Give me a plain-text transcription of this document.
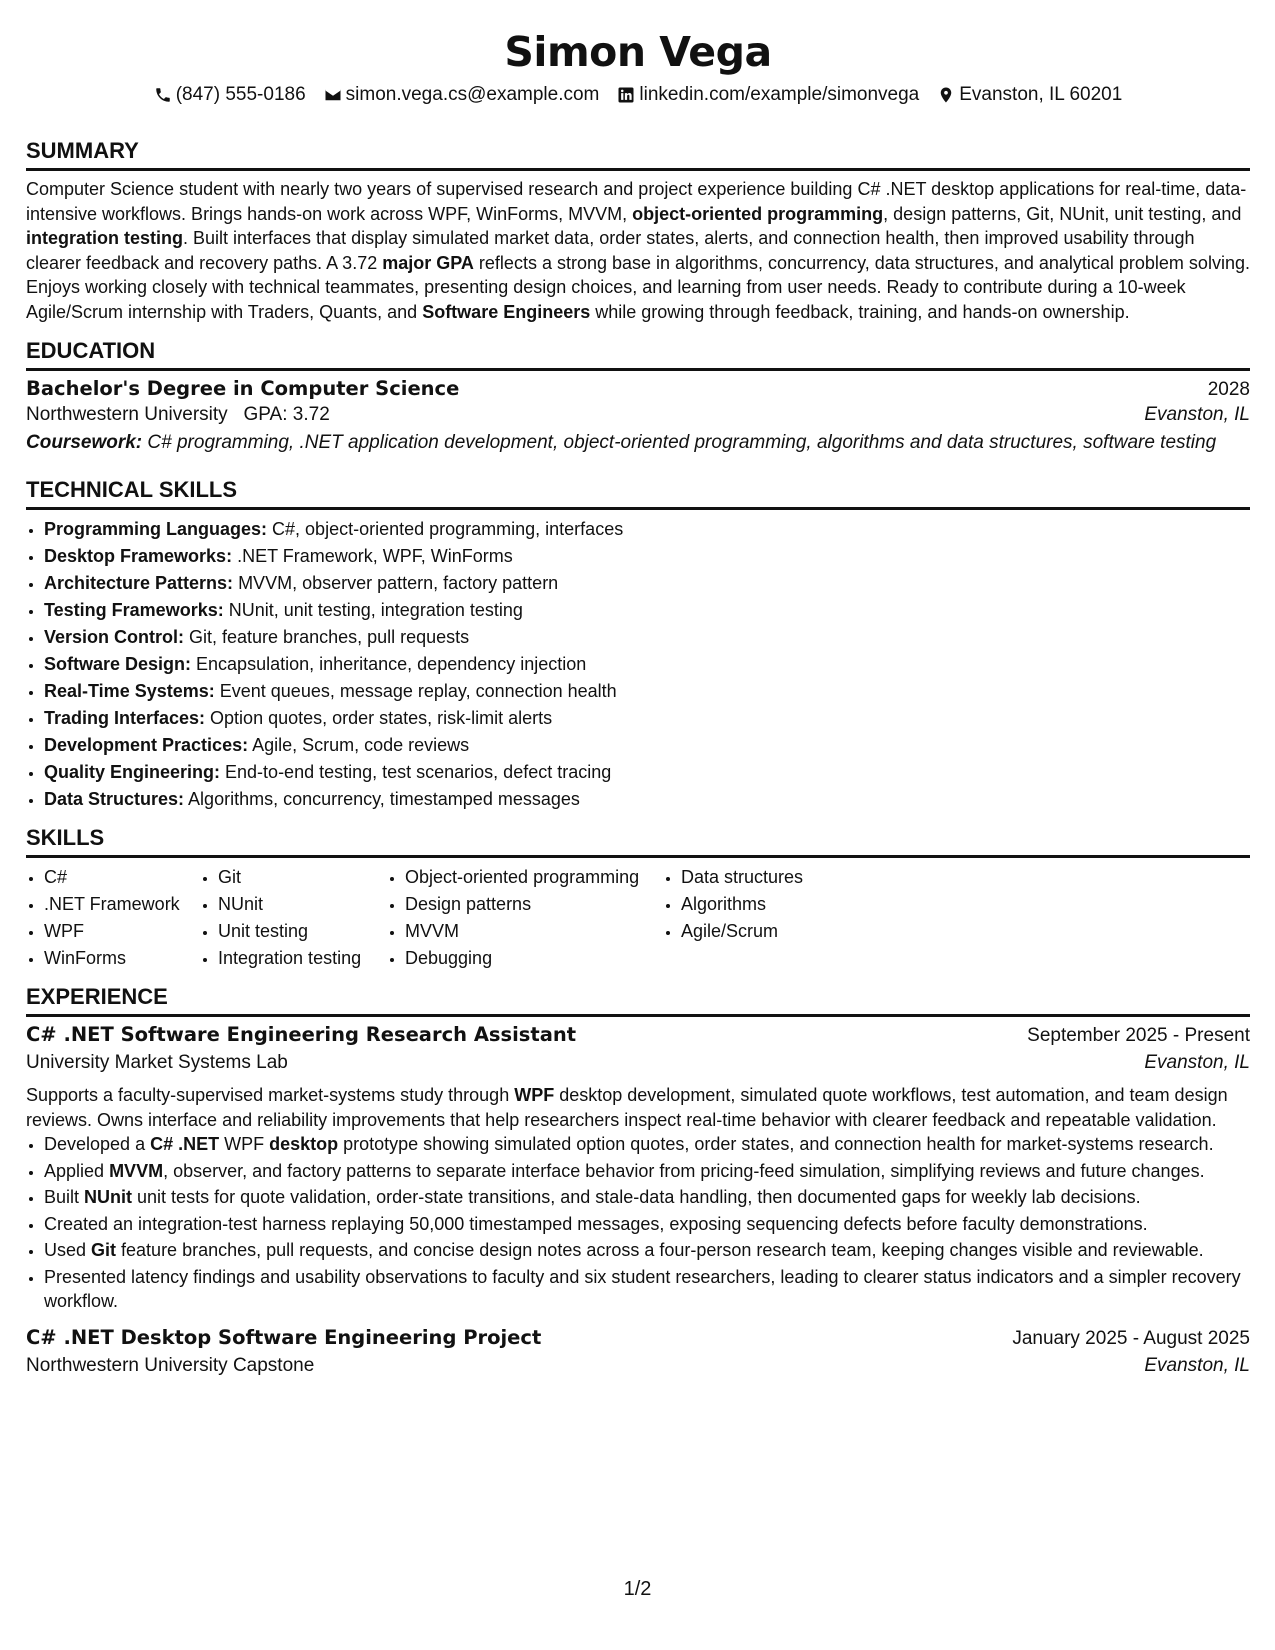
Simon Vega
(847) 555-0186 simon.vega.cs@example.com linkedin.com/example/simonvega Evanston, IL 60201
SUMMARY
Computer Science student with nearly two years of supervised research and project experience building C# .NET desktop applications for real-time, data-intensive workflows. Brings hands-on work across WPF, WinForms, MVVM, object-oriented programming, design patterns, Git, NUnit, unit testing, and integration testing. Built interfaces that display simulated market data, order states, alerts, and connection health, then improved usability through clearer feedback and recovery paths. A 3.72 major GPA reflects a strong base in algorithms, concurrency, data structures, and analytical problem solving. Enjoys working closely with technical teammates, presenting design choices, and learning from user needs. Ready to contribute during a 10-week Agile/Scrum internship with Traders, Quants, and Software Engineers while growing through feedback, training, and hands-on ownership.
EDUCATION
Bachelor's Degree in Computer Science	2028
Northwestern University GPA: 3.72	Evanston, IL
Coursework: C# programming, .NET application development, object-oriented programming, algorithms and data structures, software testing
TECHNICAL SKILLS
• Programming Languages: C#, object-oriented programming, interfaces
• Desktop Frameworks: .NET Framework, WPF, WinForms
• Architecture Patterns: MVVM, observer pattern, factory pattern
• Testing Frameworks: NUnit, unit testing, integration testing
• Version Control: Git, feature branches, pull requests
• Software Design: Encapsulation, inheritance, dependency injection
• Real-Time Systems: Event queues, message replay, connection health
• Trading Interfaces: Option quotes, order states, risk-limit alerts
• Development Practices: Agile, Scrum, code reviews
• Quality Engineering: End-to-end testing, test scenarios, defect tracing
• Data Structures: Algorithms, concurrency, timestamped messages
SKILLS
• C#
• .NET Framework
• WPF
• WinForms
• Git
• NUnit
• Unit testing
• Integration testing
• Object-oriented programming
• Design patterns
• MVVM
• Debugging
• Data structures
• Algorithms
• Agile/Scrum
EXPERIENCE
C# .NET Software Engineering Research Assistant	September 2025 - Present
University Market Systems Lab	Evanston, IL
Supports a faculty-supervised market-systems study through WPF desktop development, simulated quote workflows, test automation, and team design reviews. Owns interface and reliability improvements that help researchers inspect real-time behavior with clearer feedback and repeatable validation.
• Developed a C# .NET WPF desktop prototype showing simulated option quotes, order states, and connection health for market-systems research.
• Applied MVVM, observer, and factory patterns to separate interface behavior from pricing-feed simulation, simplifying reviews and future changes.
• Built NUnit unit tests for quote validation, order-state transitions, and stale-data handling, then documented gaps for weekly lab decisions.
• Created an integration-test harness replaying 50,000 timestamped messages, exposing sequencing defects before faculty demonstrations.
• Used Git feature branches, pull requests, and concise design notes across a four-person research team, keeping changes visible and reviewable.
• Presented latency findings and usability observations to faculty and six student researchers, leading to clearer status indicators and a simpler recovery workflow.
C# .NET Desktop Software Engineering Project	January 2025 - August 2025
Northwestern University Capstone	Evanston, IL
1/2
